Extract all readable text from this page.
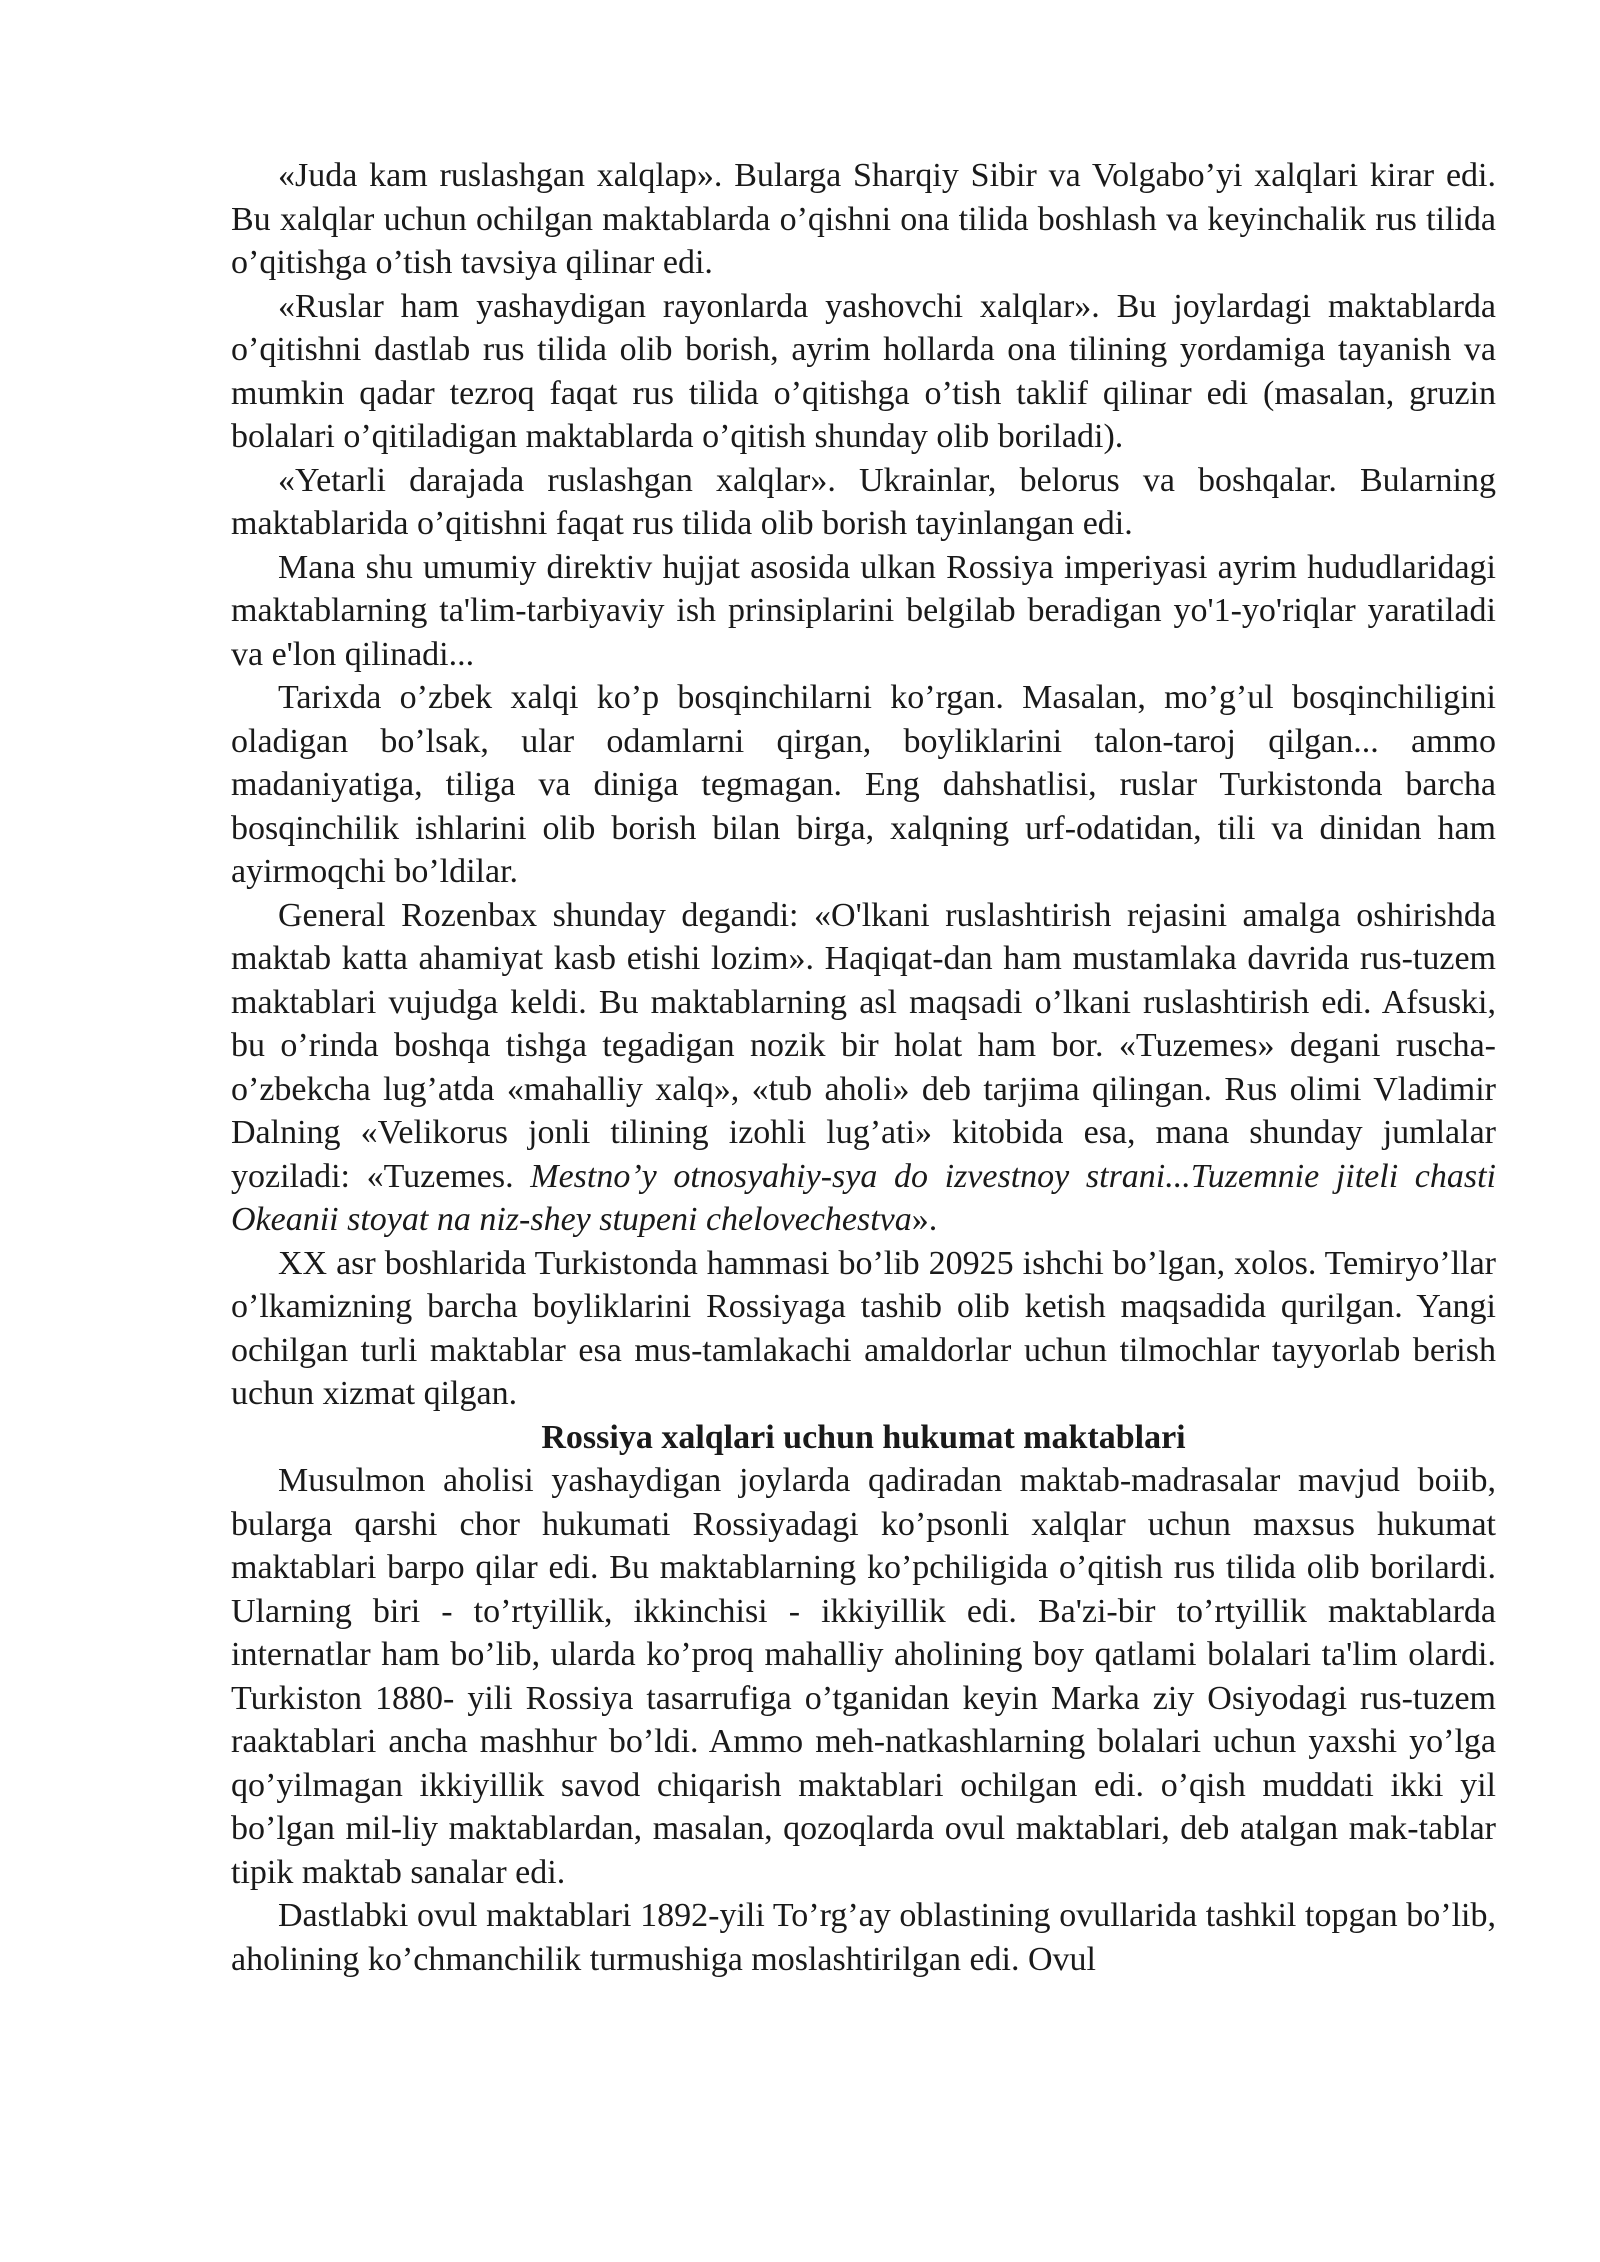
«Juda kam ruslashgan xalqlap». Bularga Sharqiy Sibir va Volgabo’yi xalqlari kirar edi. Bu xalqlar uchun ochilgan maktablarda o’qishni ona tilida boshlash va keyinchalik rus tilida o’qitishga o’tish tavsiya qilinar edi.

«Ruslar ham yashaydigan rayonlarda yashovchi xalqlar». Bu joylardagi maktablarda o’qitishni dastlab rus tilida olib borish, ayrim hollarda ona tilining yordamiga tayanish va mumkin qadar tezroq faqat rus tilida o’qitishga o’tish taklif qilinar edi (masalan, gruzin bolalari o’qitiladigan maktablarda o’qitish shunday olib boriladi).

«Yetarli darajada ruslashgan xalqlar». Ukrainlar, belorus va boshqalar. Bularning maktablarida o’qitishni faqat rus tilida olib borish tayinlangan edi.

Mana shu umumiy direktiv hujjat asosida ulkan Rossiya imperiyasi ayrim hududlaridagi maktablarning ta'lim-tarbiyaviy ish prinsiplarini belgilab beradigan yo'1-yo'riqlar yaratiladi va e'lon qilinadi...

Tarixda o’zbek xalqi ko’p bosqinchilarni ko’rgan. Masalan, mo’g’ul bosqinchiligini oladigan bo’lsak, ular odamlarni qirgan, boyliklarini talon-taroj qilgan... ammo madaniyatiga, tiliga va diniga tegmagan. Eng dahshatlisi, ruslar Turkistonda barcha bosqinchilik ishlarini olib borish bilan birga, xalqning urf-odatidan, tili va dinidan ham ayirmoqchi bo’ldilar.

General Rozenbax shunday degandi: «O'lkani ruslashtirish rejasini amalga oshirishda maktab katta ahamiyat kasb etishi lozim». Haqiqat-dan ham mustamlaka davrida rus-tuzem maktablari vujudga keldi. Bu maktablarning asl maqsadi o’lkani ruslashtirish edi. Afsuski, bu o’rinda boshqa tishga tegadigan nozik bir holat ham bor. «Tuzemes» degani ruscha-o’zbekcha lug’atda «mahalliy xalq», «tub aholi» deb tarjima qilingan. Rus olimi Vladimir Dalning «Velikorus jonli tilining izohli lug’ati» kitobida esa, mana shunday jumlalar yoziladi: «Tuzemes. Mestno’y otnosyahiy-sya do izvestnoy strani...Tuzemnie jiteli chasti Okeanii stoyat na niz-shey stupeni chelovechestva».

XX asr boshlarida Turkistonda hammasi bo’lib 20925 ishchi bo’lgan, xolos. Temiryo’llar o’lkamizning barcha boyliklarini Rossiyaga tashib olib ketish maqsadida qurilgan. Yangi ochilgan turli maktablar esa mus-tamlakachi amaldorlar uchun tilmochlar tayyorlab berish uchun xizmat qilgan.

Rossiya xalqlari uchun hukumat maktablari

Musulmon aholisi yashaydigan joylarda qadiradan maktab-madrasalar mavjud boiib, bularga qarshi chor hukumati Rossiyadagi ko’psonli xalqlar uchun maxsus hukumat maktablari barpo qilar edi. Bu maktablarning ko’pchiligida o’qitish rus tilida olib borilardi. Ularning biri - to’rtyillik, ikkinchisi - ikkiyillik edi. Ba'zi-bir to’rtyillik maktablarda internatlar ham bo’lib, ularda ko’proq mahalliy aholining boy qatlami bolalari ta'lim olardi. Turkiston 1880- yili Rossiya tasarrufiga o’tganidan keyin Marka ziy Osiyodagi rus-tuzem raaktablari ancha mashhur bo’ldi. Ammo meh-natkashlarning bolalari uchun yaxshi yo’lga qo’yilmagan ikkiyillik savod chiqarish maktablari ochilgan edi. o’qish muddati ikki yil bo’lgan mil-liy maktablardan, masalan, qozoqlarda ovul maktablari, deb atalgan mak-tablar tipik maktab sanalar edi.

Dastlabki ovul maktablari 1892-yili To’rg’ay oblastining ovullarida tashkil topgan bo’lib, aholining ko’chmanchilik turmushiga moslashtirilgan edi. Ovul
